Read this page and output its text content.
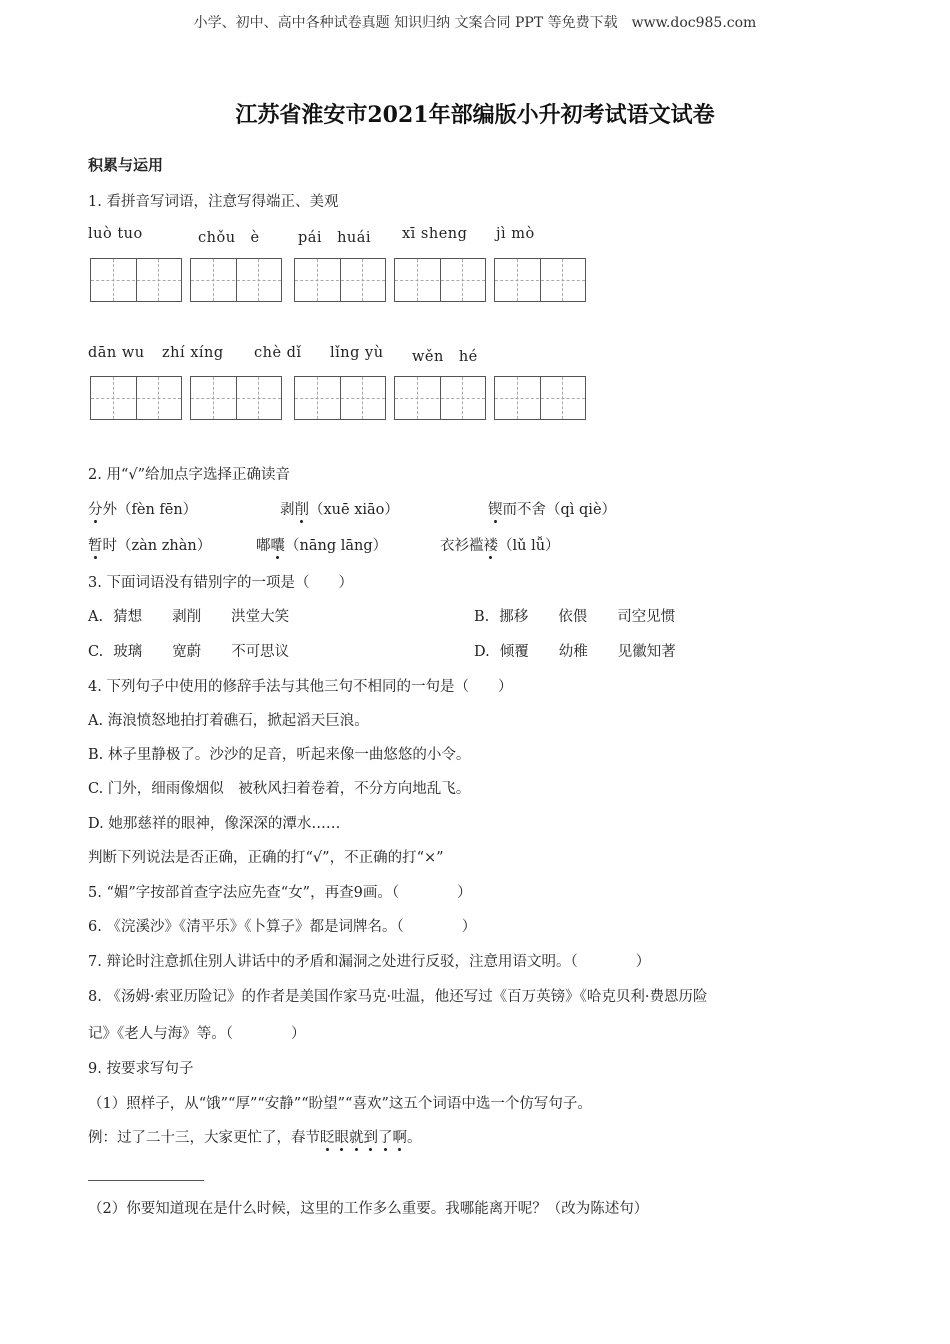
小学、初中、高中各种试卷真题 知识归纳 文案合同 PPT 等免费下载　www.doc985.com
江苏省淮安市2021年部编版小升初考试语文试卷
积累与运用
1. 看拼音写词语，注意写得端正、美观
luò tuo	chǒu　è	pái　huái xī sheng jì mò
dān wu zhí xíng chè dǐ lǐng yù wěn　hé
2. 用“√”给加点字选择正确读音
分外（fèn fēn）	剥削（xuē xiāo）	锲而不舍（qì qiè）
暂时（zàn zhàn）	嘟囔（nāng lāng）	衣衫褴褛（lǔ lǚ）
3. 下面词语没有错别字的一项是（　　）
A. 猜想 剥削 洪堂大笑	B. 挪移 依偎 司空见惯
C. 玻璃 宽蔚 不可思议	D. 倾覆 幼稚 见徽知著
4. 下列句子中使用的修辞手法与其他三句不相同的一句是（　　）
A. 海浪愤怒地拍打着礁石，掀起滔天巨浪。
B. 林子里静极了。沙沙的足音，听起来像一曲悠悠的小令。
C. 门外，细雨像烟似　被秋风扫着卷着，不分方向地乱飞。
D. 她那慈祥的眼神，像深深的潭水……
判断下列说法是否正确，正确的打“√”，不正确的打“×”
5. “媚”字按部首查字法应先查“女”，再查9画。（　　　　）
6. 《浣溪沙》《清平乐》《卜算子》都是词牌名。（　　　　）
7. 辩论时注意抓住别人讲话中的矛盾和漏洞之处进行反驳，注意用语文明。（　　　　）
8. 《汤姆·索亚历险记》的作者是美国作家马克·吐温，他还写过《百万英镑》《哈克贝利·费恩历险
记》《老人与海》等。（　　　　）
9. 按要求写句子
（1）照样子，从“饿”“厚”“安静”“盼望”“喜欢”这五个词语中选一个仿写句子。
例：过了二十三，大家更忙了，春节眨眼就到了啊。
（2）你要知道现在是什么时候，这里的工作多么重要。我哪能离开呢？（改为陈述句）
